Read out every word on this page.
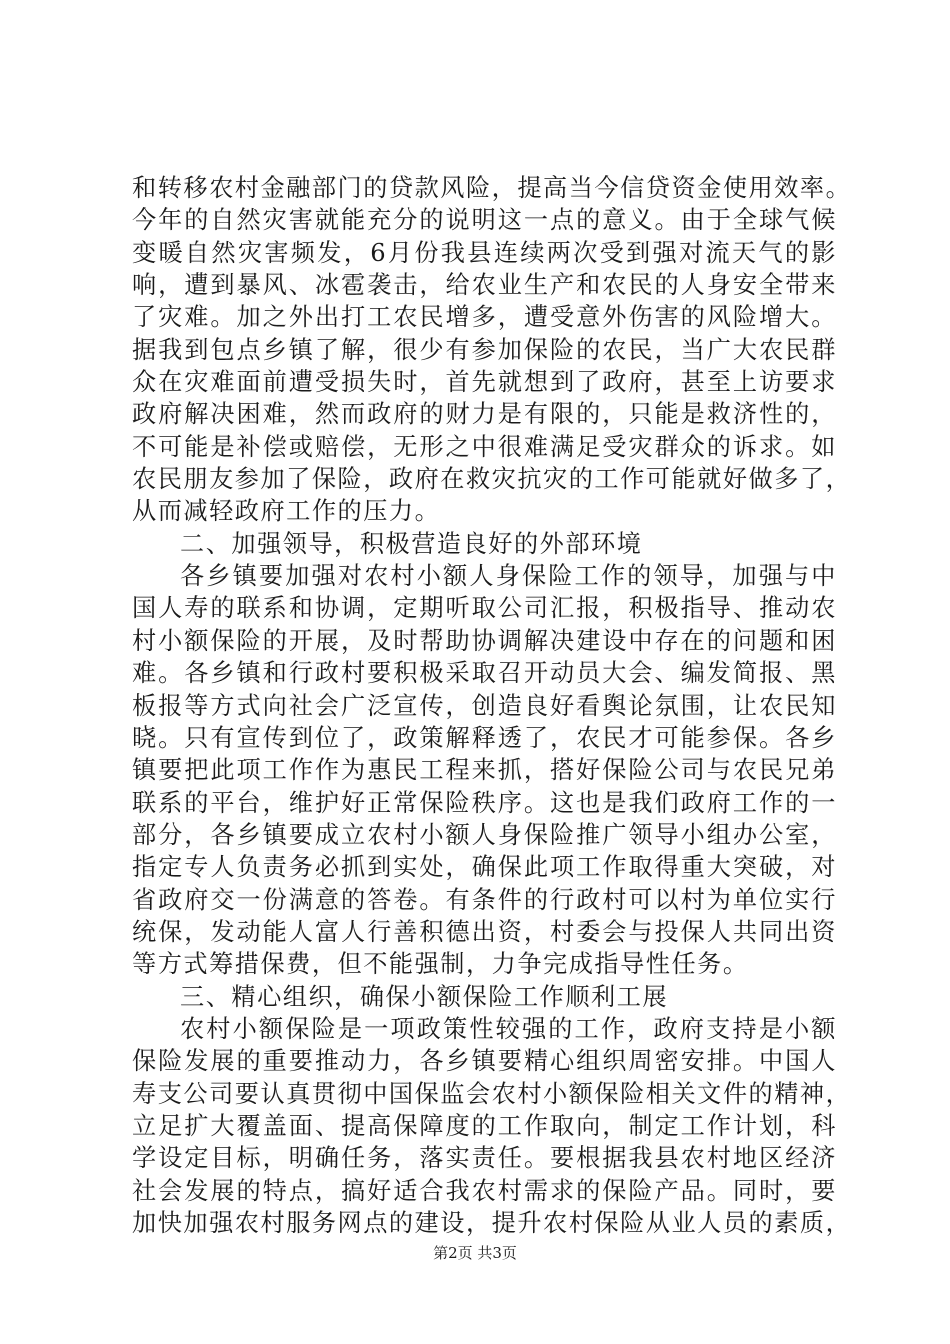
和转移农村金融部门的贷款风险，提高当今信贷资金使用效率。
今年的自然灾害就能充分的说明这一点的意义。由于全球气候
变暖自然灾害频发，6月份我县连续两次受到强对流天气的影
响，遭到暴风、冰雹袭击，给农业生产和农民的人身安全带来
了灾难。加之外出打工农民增多，遭受意外伤害的风险增大。
据我到包点乡镇了解，很少有参加保险的农民，当广大农民群
众在灾难面前遭受损失时，首先就想到了政府，甚至上访要求
政府解决困难，然而政府的财力是有限的，只能是救济性的，
不可能是补偿或赔偿，无形之中很难满足受灾群众的诉求。如
农民朋友参加了保险，政府在救灾抗灾的工作可能就好做多了，
从而减轻政府工作的压力。
二、加强领导，积极营造良好的外部环境
各乡镇要加强对农村小额人身保险工作的领导，加强与中
国人寿的联系和协调，定期听取公司汇报，积极指导、推动农
村小额保险的开展，及时帮助协调解决建设中存在的问题和困
难。各乡镇和行政村要积极采取召开动员大会、编发简报、黑
板报等方式向社会广泛宣传，创造良好看舆论氛围，让农民知
晓。只有宣传到位了，政策解释透了，农民才可能参保。各乡
镇要把此项工作作为惠民工程来抓，搭好保险公司与农民兄弟
联系的平台，维护好正常保险秩序。这也是我们政府工作的一
部分，各乡镇要成立农村小额人身保险推广领导小组办公室，
指定专人负责务必抓到实处，确保此项工作取得重大突破，对
省政府交一份满意的答卷。有条件的行政村可以村为单位实行
统保，发动能人富人行善积德出资，村委会与投保人共同出资
等方式筹措保费，但不能强制，力争完成指导性任务。
三、精心组织，确保小额保险工作顺利工展
农村小额保险是一项政策性较强的工作，政府支持是小额
保险发展的重要推动力，各乡镇要精心组织周密安排。中国人
寿支公司要认真贯彻中国保监会农村小额保险相关文件的精神，
立足扩大覆盖面、提高保障度的工作取向，制定工作计划，科
学设定目标，明确任务，落实责任。要根据我县农村地区经济
社会发展的特点，搞好适合我农村需求的保险产品。同时，要
加快加强农村服务网点的建设，提升农村保险从业人员的素质，
第2页 共3页
